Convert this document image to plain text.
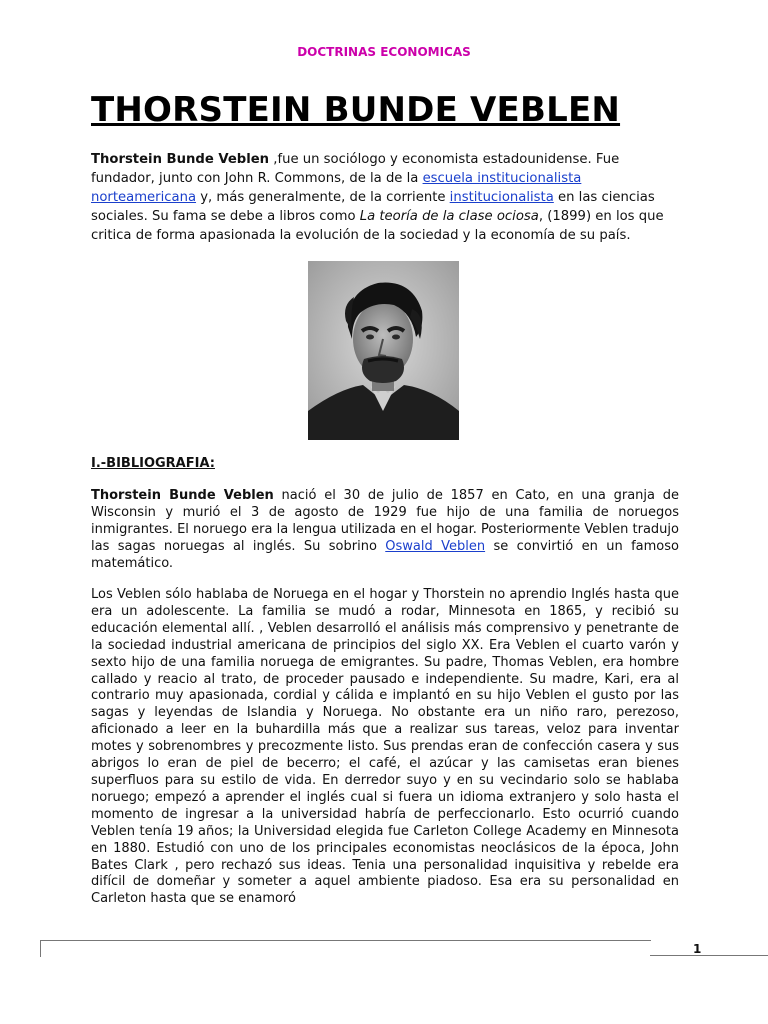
DOCTRINAS ECONOMICAS
THORSTEIN BUNDE VEBLEN

Thorstein Bunde Veblen ,fue un sociólogo y economista estadounidense. Fue fundador, junto con John R. Commons, de la de la escuela institucionalista norteamericana y, más generalmente, de la corriente institucionalista en las ciencias sociales. Su fama se debe a libros como La teoría de la clase ociosa, (1899) en los que critica de forma apasionada la evolución de la sociedad y la economía de su país.

I.-BIBLIOGRAFIA:

Thorstein Bunde Veblen nació el 30 de julio de 1857 en Cato, en una granja de Wisconsin y murió el 3 de agosto de 1929 fue hijo de una familia de noruegos inmigrantes. El noruego era la lengua utilizada en el hogar. Posteriormente Veblen tradujo las sagas noruegas al inglés. Su sobrino Oswald Veblen se convirtió en un famoso matemático.

Los Veblen sólo hablaba de Noruega en el hogar y Thorstein no aprendio Inglés hasta que era un adolescente. La familia se mudó a rodar, Minnesota en 1865, y recibió su educación elemental allí. , Veblen desarrolló el análisis más comprensivo y penetrante de la sociedad industrial americana de principios del siglo XX. Era Veblen el cuarto varón y sexto hijo de una familia noruega de emigrantes. Su padre, Thomas Veblen, era hombre callado y reacio al trato, de proceder pausado e independiente. Su madre, Kari, era al contrario muy apasionada, cordial y cálida e implantó en su hijo Veblen el gusto por las sagas y leyendas de Islandia y Noruega. No obstante era un niño raro, perezoso, aficionado a leer en la buhardilla más que a realizar sus tareas, veloz para inventar motes y sobrenombres y precozmente listo. Sus prendas eran de confección casera y sus abrigos lo eran de piel de becerro; el café, el azúcar y las camisetas eran bienes superfluos para su estilo de vida. En derredor suyo y en su vecindario solo se hablaba noruego; empezó a aprender el inglés cual si fuera un idioma extranjero y solo hasta el momento de ingresar a la universidad habría de perfeccionarlo. Esto ocurrió cuando Veblen tenía 19 años; la Universidad elegida fue Carleton College Academy en Minnesota en 1880. Estudió con uno de los principales economistas neoclásicos de la época, John Bates Clark , pero rechazó sus ideas. Tenia una personalidad inquisitiva y rebelde era difícil de domeñar y someter a aquel ambiente piadoso. Esa era su personalidad en Carleton hasta que se enamoró

1
